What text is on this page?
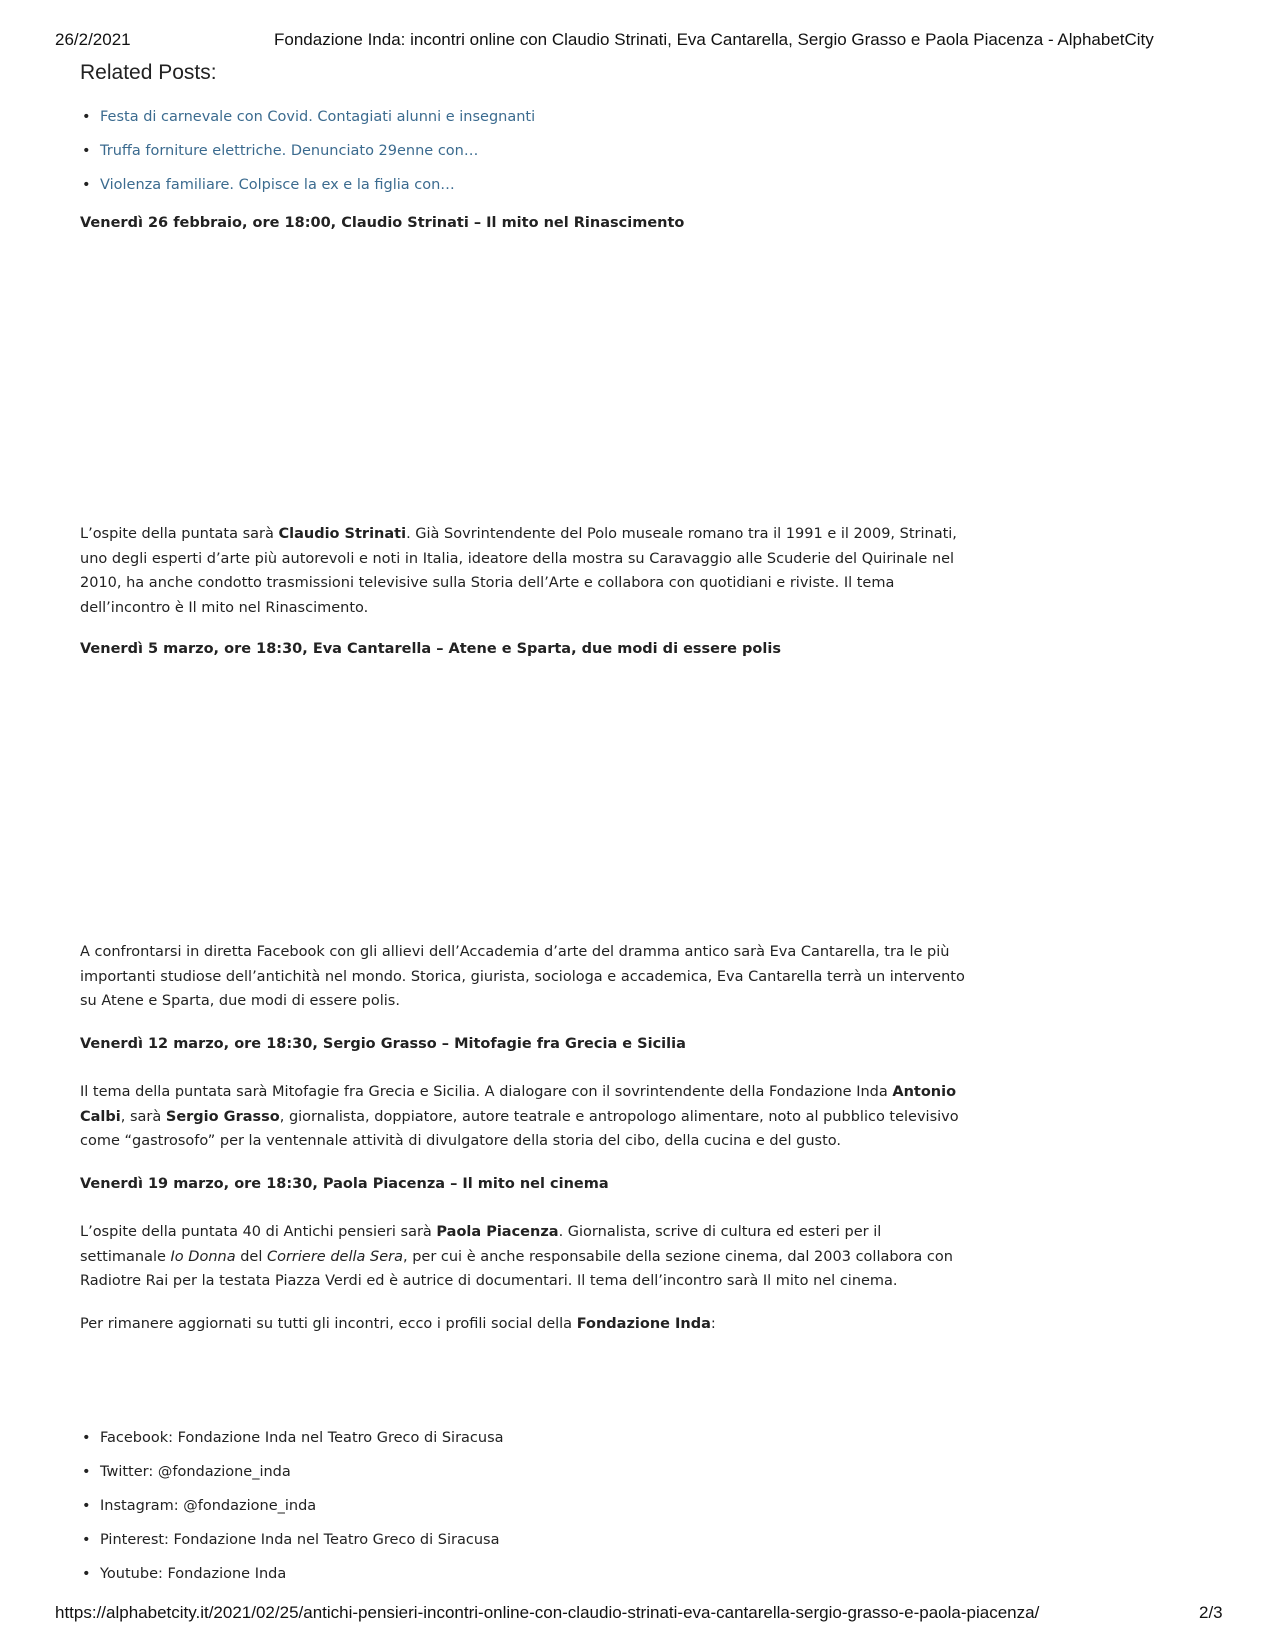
26/2/2021	Fondazione Inda: incontri online con Claudio Strinati, Eva Cantarella, Sergio Grasso e Paola Piacenza - AlphabetCity
Related Posts:
• Festa di carnevale con Covid. Contagiati alunni e insegnanti
• Truffa forniture elettriche. Denunciato 29enne con…
• Violenza familiare. Colpisce la ex e la figlia con…
Venerdì 26 febbraio, ore 18:00, Claudio Strinati – Il mito nel Rinascimento

L’ospite della puntata sarà Claudio Strinati. Già Sovrintendente del Polo museale romano tra il 1991 e il 2009, Strinati, uno degli esperti d’arte più autorevoli e noti in Italia, ideatore della mostra su Caravaggio alle Scuderie del Quirinale nel 2010, ha anche condotto trasmissioni televisive sulla Storia dell’Arte e collabora con quotidiani e riviste. Il tema dell’incontro è Il mito nel Rinascimento.

Venerdì 5 marzo, ore 18:30, Eva Cantarella – Atene e Sparta, due modi di essere polis

A confrontarsi in diretta Facebook con gli allievi dell’Accademia d’arte del dramma antico sarà Eva Cantarella, tra le più importanti studiose dell’antichità nel mondo. Storica, giurista, sociologa e accademica, Eva Cantarella terrà un intervento su Atene e Sparta, due modi di essere polis.

Venerdì 12 marzo, ore 18:30, Sergio Grasso – Mitofagie fra Grecia e Sicilia

Il tema della puntata sarà Mitofagie fra Grecia e Sicilia. A dialogare con il sovrintendente della Fondazione Inda Antonio Calbi, sarà Sergio Grasso, giornalista, doppiatore, autore teatrale e antropologo alimentare, noto al pubblico televisivo come “gastrosofo” per la ventennale attività di divulgatore della storia del cibo, della cucina e del gusto.

Venerdì 19 marzo, ore 18:30, Paola Piacenza – Il mito nel cinema

L’ospite della puntata 40 di Antichi pensieri sarà Paola Piacenza. Giornalista, scrive di cultura ed esteri per il settimanale Io Donna del Corriere della Sera, per cui è anche responsabile della sezione cinema, dal 2003 collabora con Radiotre Rai per la testata Piazza Verdi ed è autrice di documentari. Il tema dell’incontro sarà Il mito nel cinema.

Per rimanere aggiornati su tutti gli incontri, ecco i profili social della Fondazione Inda:

• Facebook: Fondazione Inda nel Teatro Greco di Siracusa
• Twitter: @fondazione_inda
• Instagram: @fondazione_inda
• Pinterest: Fondazione Inda nel Teatro Greco di Siracusa
• Youtube: Fondazione Inda
https://alphabetcity.it/2021/02/25/antichi-pensieri-incontri-online-con-claudio-strinati-eva-cantarella-sergio-grasso-e-paola-piacenza/	2/3
